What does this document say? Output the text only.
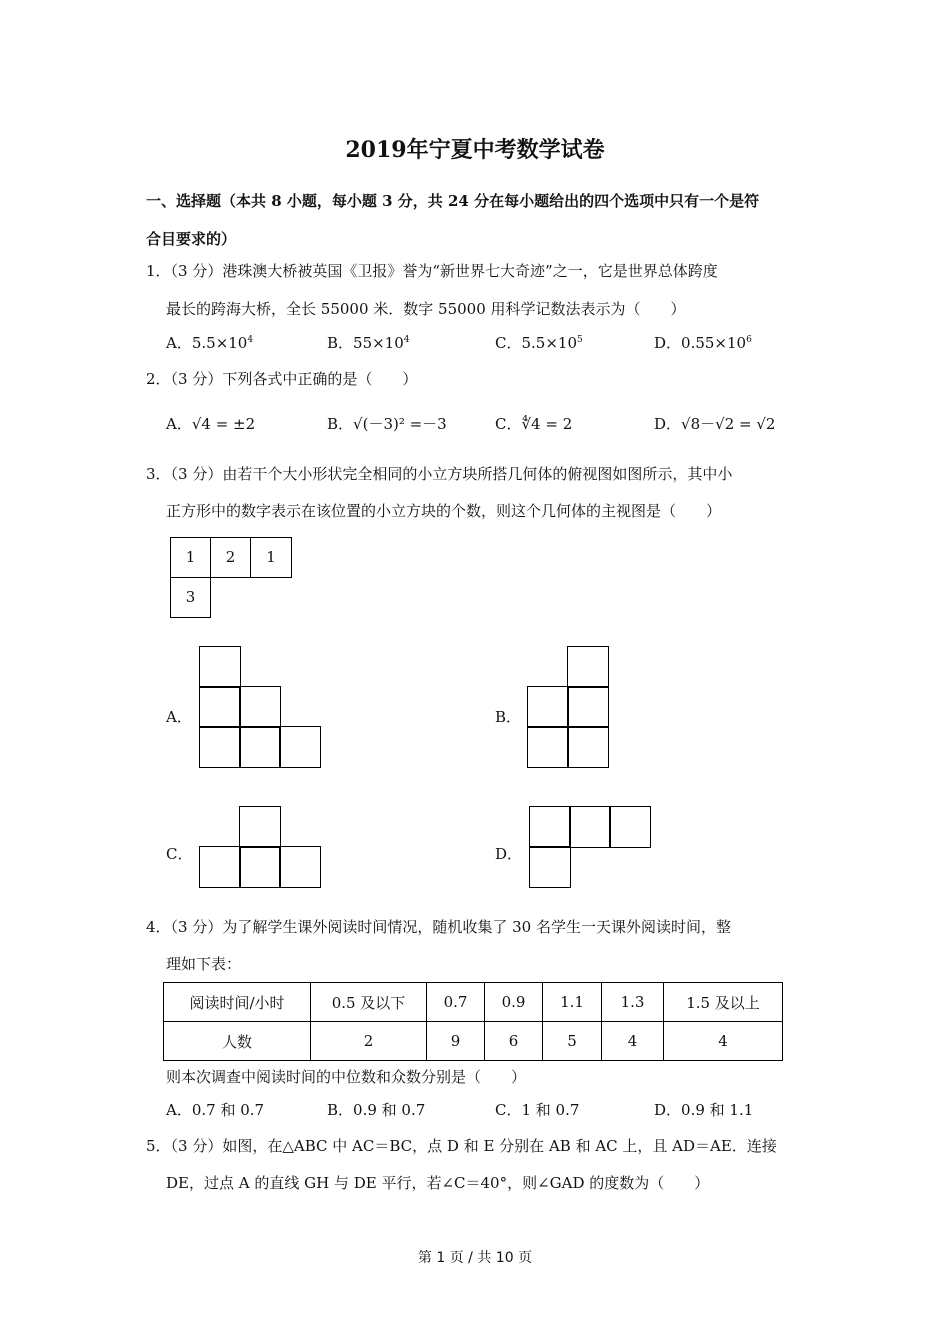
2019年宁夏中考数学试卷
一、选择题（本共 8 小题，每小题 3 分，共 24 分在每小题给出的四个选项中只有一个是符
合目要求的）
1．（3 分）港珠澳大桥被英国《卫报》誉为“新世界七大奇迹”之一，它是世界总体跨度
最长的跨海大桥，全长 55000 米．数字 55000 用科学记数法表示为（　　）
A．$5.5\times 10^4$	B．$55\times 10^4$	C．$5.5\times 10^5$	D．$0.55\times 10^6$
2．（3 分）下列各式中正确的是（　　）
A．√4 = ±2	B．√(－3)² =－3	C．∜4 = 2	D．√8－√2 = √2
3．（3 分）由若干个大小形状完全相同的小立方块所搭几何体的俯视图如图所示，其中小
正方形中的数字表示在该位置的小立方块的个数，则这个几何体的主视图是（　　）
1	2	1
3
A．	B．
C．	D．
4．（3 分）为了解学生课外阅读时间情况，随机收集了 30 名学生一天课外阅读时间，整
理如下表：
阅读时间/小时	0.5 及以下	0.7	0.9	1.1	1.3	1.5 及以上
人数	2	9	6	5	4	4
则本次调查中阅读时间的中位数和众数分别是（　　）
A．0.7 和 0.7	B．0.9 和 0.7	C．1 和 0.7	D．0.9 和 1.1
5．（3 分）如图，在△ABC 中 AC＝BC，点 D 和 E 分别在 AB 和 AC 上，且 AD＝AE．连接
DE，过点 A 的直线 GH 与 DE 平行，若∠C＝40°，则∠GAD 的度数为（　　）
第 1 页 / 共 10 页
